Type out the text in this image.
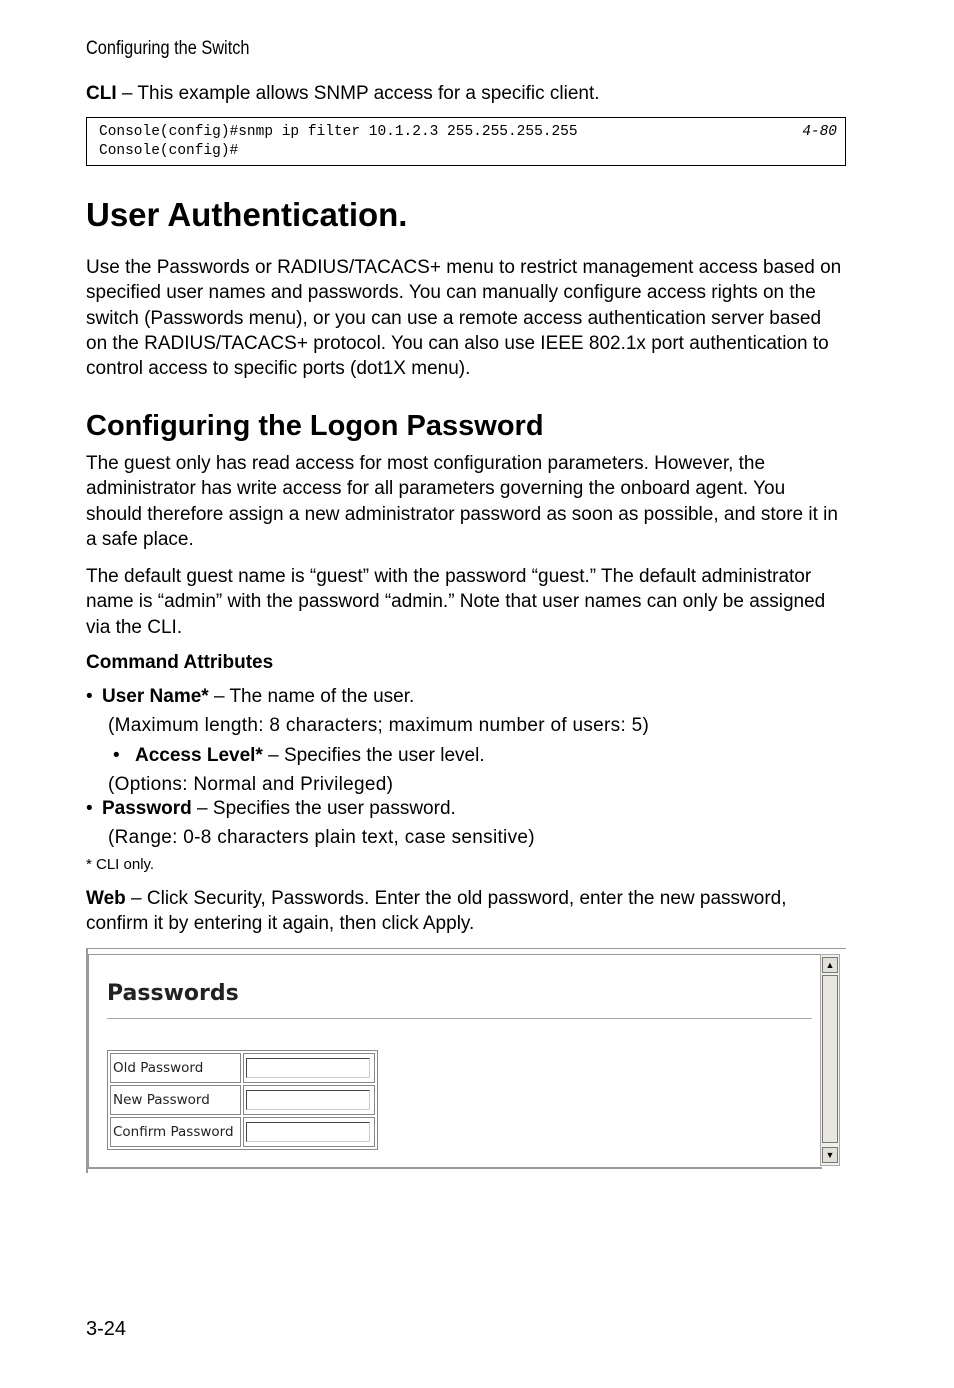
Configuring the Switch
CLI – This example allows SNMP access for a specific client.
Console(config)#snmp ip filter 10.1.2.3 255.255.255.255	4-80
Console(config)#
User Authentication.
Use the Passwords or RADIUS/TACACS+ menu to restrict management access based on specified user names and passwords. You can manually configure access rights on the switch (Passwords menu), or you can use a remote access authentication server based on the RADIUS/TACACS+ protocol. You can also use IEEE 802.1x port authentication to control access to specific ports (dot1X menu).
Configuring the Logon Password
The guest only has read access for most configuration parameters. However, the administrator has write access for all parameters governing the onboard agent. You should therefore assign a new administrator password as soon as possible, and store it in a safe place.
The default guest name is “guest” with the password “guest.” The default administrator name is “admin” with the password “admin.” Note that user names can only be assigned via the CLI.
Command Attributes
• User Name* – The name of the user.
(Maximum length: 8 characters; maximum number of users: 5)
• Access Level* – Specifies the user level.
(Options: Normal and Privileged)
• Password – Specifies the user password.
(Range: 0-8 characters plain text, case sensitive)
* CLI only.
Web – Click Security, Passwords. Enter the old password, enter the new password, confirm it by entering it again, then click Apply.
Passwords
Old Password	
New Password	
Confirm Password	
▲
▼
3-24
